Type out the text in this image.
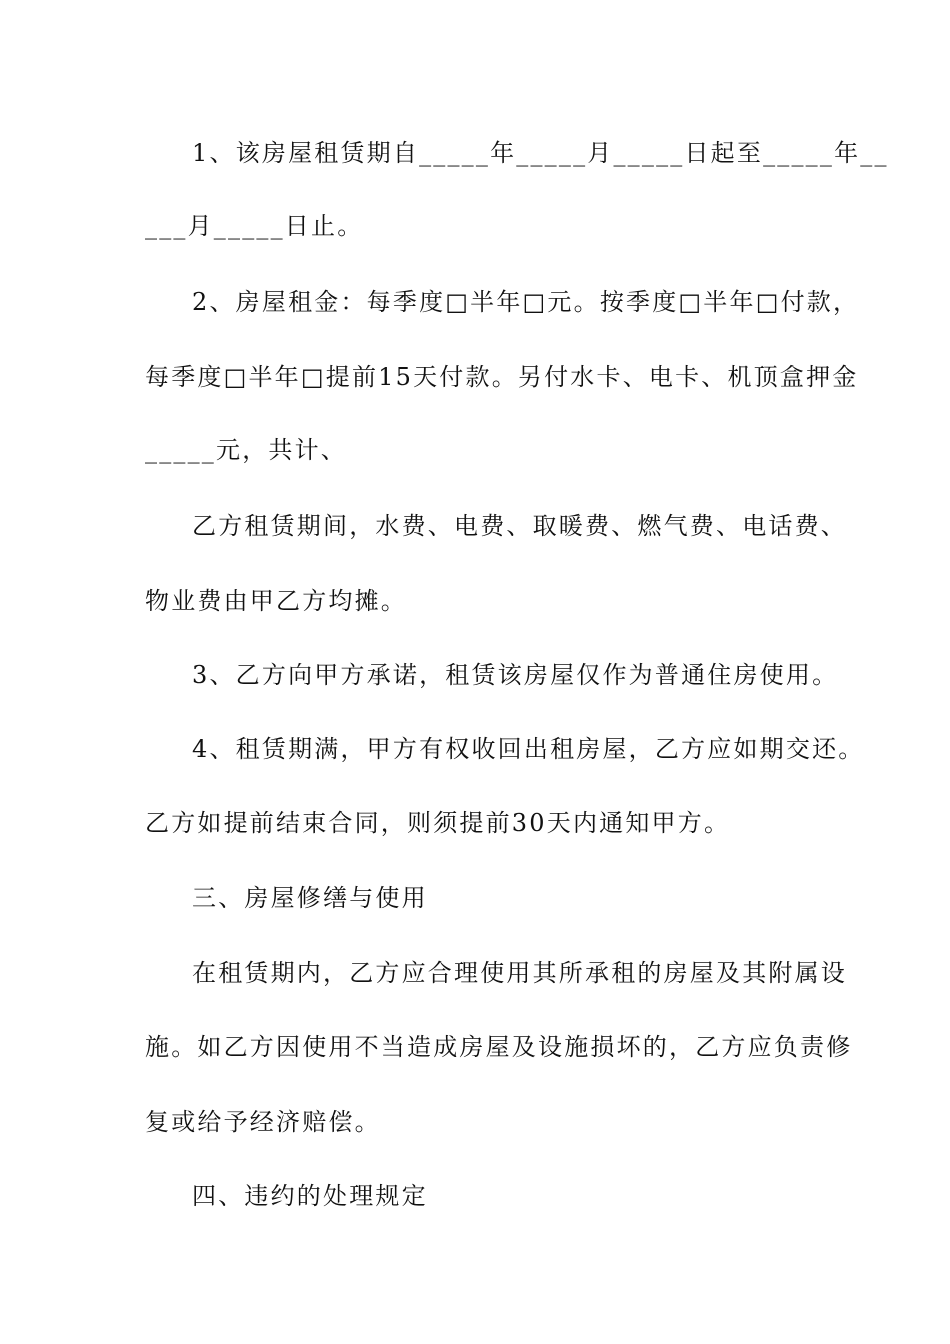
1、该房屋租赁期自_____年_____月_____日起至_____年__
___月_____日止。
2、房屋租金：每季度□半年□元。按季度□半年□付款，
每季度□半年□提前15天付款。另付水卡、电卡、机顶盒押金
_____元，共计、
乙方租赁期间，水费、电费、取暖费、燃气费、电话费、
物业费由甲乙方均摊。
3、乙方向甲方承诺，租赁该房屋仅作为普通住房使用。
4、租赁期满，甲方有权收回出租房屋，乙方应如期交还。
乙方如提前结束合同，则须提前30天内通知甲方。
三、房屋修缮与使用
在租赁期内，乙方应合理使用其所承租的房屋及其附属设
施。如乙方因使用不当造成房屋及设施损坏的，乙方应负责修
复或给予经济赔偿。
四、违约的处理规定
